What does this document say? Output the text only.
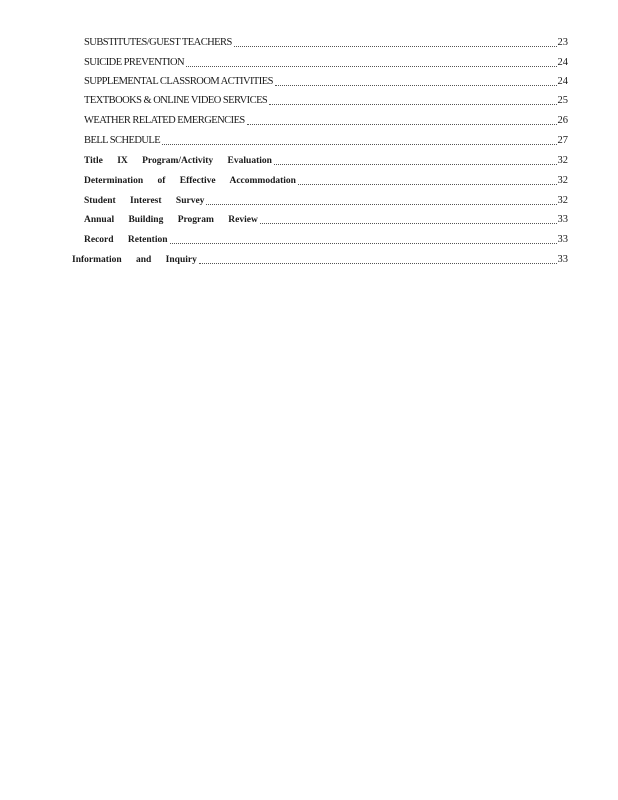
SUBSTITUTES/GUEST TEACHERS	23
SUICIDE PREVENTION	24
SUPPLEMENTAL CLASSROOM ACTIVITIES	24
TEXTBOOKS & ONLINE VIDEO SERVICES	25
WEATHER RELATED EMERGENCIES	26
BELL SCHEDULE	27
Title IX Program/Activity Evaluation	32
Determination of Effective Accommodation	32
Student Interest Survey	32
Annual Building Program Review	33
Record Retention	33
Information and Inquiry	33
